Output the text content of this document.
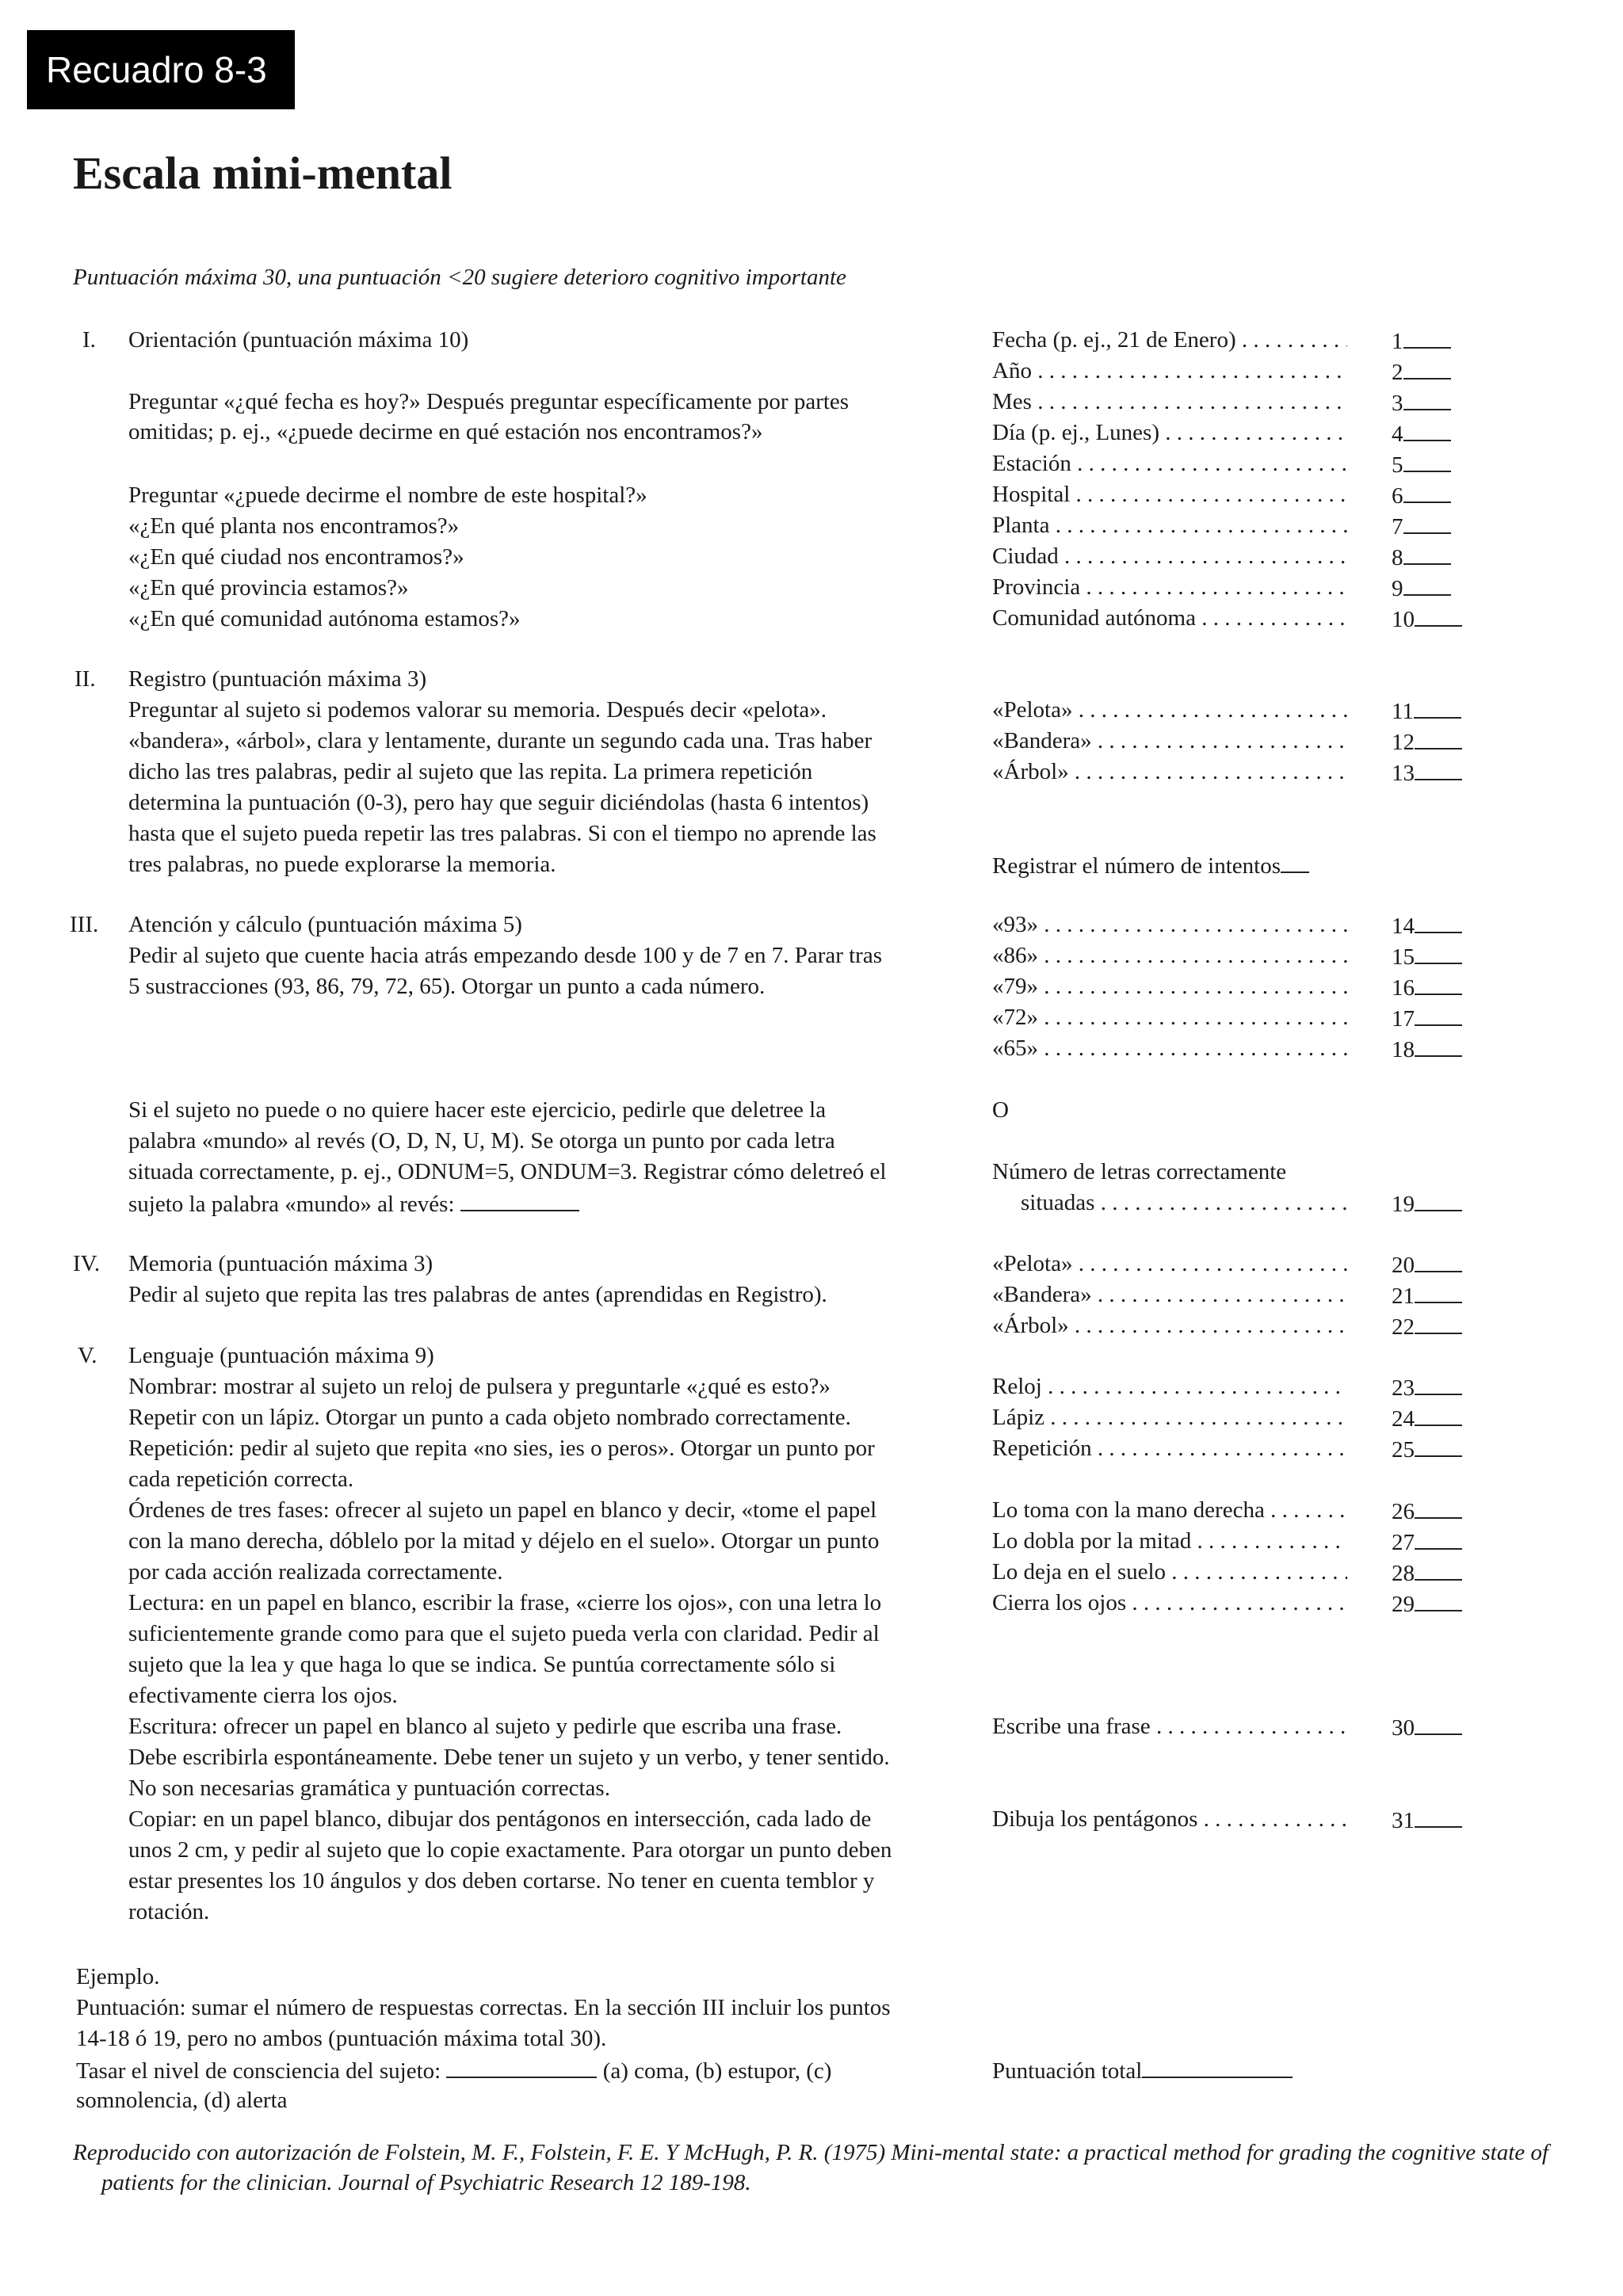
Recuadro 8-3
Escala mini-mental
Puntuación máxima 30, una puntuación <20 sugiere deterioro cognitivo importante
I. Orientación (puntuación máxima 10)
Preguntar «¿qué fecha es hoy?» Después preguntar específicamente por partes
omitidas; p. ej., «¿puede decirme en qué estación nos encontramos?»
Preguntar «¿puede decirme el nombre de este hospital?»
«¿En qué planta nos encontramos?»
«¿En qué ciudad nos encontramos?»
«¿En qué provincia estamos?»
«¿En qué comunidad autónoma estamos?»
II. Registro (puntuación máxima 3)
Preguntar al sujeto si podemos valorar su memoria. Después decir «pelota».
«bandera», «árbol», clara y lentamente, durante un segundo cada una. Tras haber
dicho las tres palabras, pedir al sujeto que las repita. La primera repetición
determina la puntuación (0-3), pero hay que seguir diciéndolas (hasta 6 intentos)
hasta que el sujeto pueda repetir las tres palabras. Si con el tiempo no aprende las
tres palabras, no puede explorarse la memoria.
III. Atención y cálculo (puntuación máxima 5)
Pedir al sujeto que cuente hacia atrás empezando desde 100 y de 7 en 7. Parar tras
5 sustracciones (93, 86, 79, 72, 65). Otorgar un punto a cada número.
Si el sujeto no puede o no quiere hacer este ejercicio, pedirle que deletree la
palabra «mundo» al revés (O, D, N, U, M). Se otorga un punto por cada letra
situada correctamente, p. ej., ODNUM=5, ONDUM=3. Registrar cómo deletreó el
sujeto la palabra «mundo» al revés:
IV. Memoria (puntuación máxima 3)
Pedir al sujeto que repita las tres palabras de antes (aprendidas en Registro).
V. Lenguaje (puntuación máxima 9)
Nombrar: mostrar al sujeto un reloj de pulsera y preguntarle «¿qué es esto?»
Repetir con un lápiz. Otorgar un punto a cada objeto nombrado correctamente.
Repetición: pedir al sujeto que repita «no sies, ies o peros». Otorgar un punto por
cada repetición correcta.
Órdenes de tres fases: ofrecer al sujeto un papel en blanco y decir, «tome el papel
con la mano derecha, dóblelo por la mitad y déjelo en el suelo». Otorgar un punto
por cada acción realizada correctamente.
Lectura: en un papel en blanco, escribir la frase, «cierre los ojos», con una letra lo
suficientemente grande como para que el sujeto pueda verla con claridad. Pedir al
sujeto que la lea y que haga lo que se indica. Se puntúa correctamente sólo si
efectivamente cierra los ojos.
Escritura: ofrecer un papel en blanco al sujeto y pedirle que escriba una frase.
Debe escribirla espontáneamente. Debe tener un sujeto y un verbo, y tener sentido.
No son necesarias gramática y puntuación correctas.
Copiar: en un papel blanco, dibujar dos pentágonos en intersección, cada lado de
unos 2 cm, y pedir al sujeto que lo copie exactamente. Para otorgar un punto deben
estar presentes los 10 ángulos y dos deben cortarse. No tener en cuenta temblor y
rotación.
Ejemplo.
Puntuación: sumar el número de respuestas correctas. En la sección III incluir los puntos
14-18 ó 19, pero no ambos (puntuación máxima total 30).
Tasar el nivel de consciencia del sujeto:	(a) coma, (b) estupor, (c)
somnolencia, (d) alerta
Fecha (p. ej., 21 de Enero) . . .
Año . . .
Mes . . .
Día (p. ej., Lunes) . . .
Estación . . .
Hospital . . .
Planta . . .
Ciudad . . .
Provincia . . .
Comunidad autónoma . . .
«Pelota» . . .
«Bandera» . . .
«Árbol» . . .
Registrar el número de intentos
«93» . . .
«86» . . .
«79» . . .
«72» . . .
«65» . . .
O
Número de letras correctamente
situadas . . .
«Pelota» . . .
«Bandera» . . .
«Árbol» . . .
Reloj . . .
Lápiz . . .
Repetición . . .
Lo toma con la mano derecha . . .
Lo dobla por la mitad . . .
Lo deja en el suelo . . .
Cierra los ojos . . .
Escribe una frase . . .
Dibuja los pentágonos . . .
Puntuación total
1
2
3
4
5
6
7
8
9
10
11
12
13
14
15
16
17
18
19
20
21
22
23
24
25
26
27
28
29
30
31
Reproducido con autorización de Folstein, M. F., Folstein, F. E. Y McHugh, P. R. (1975) Mini-mental state: a practical method for grading the cognitive state of
patients for the clinician. Journal of Psychiatric Research 12 189-198.
